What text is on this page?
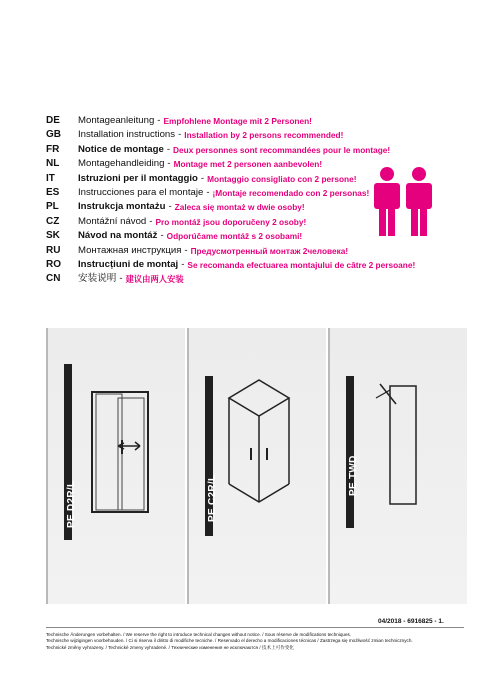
DE	Montageanleitung - Empfohlene Montage mit 2 Personen!
GB	Installation instructions - Installation by 2 persons recommended!
FR	Notice de montage - Deux personnes sont recommandées pour le montage!
NL	Montagehandleiding - Montage met 2 personen aanbevolen!
IT	Istruzioni per il montaggio - Montaggio consigliato con 2 persone!
ES	Instrucciones para el montaje - ¡Montaje recomendado con 2 personas!
PL	Instrukcja montażu - Zaleca się montaż w dwie osoby!
CZ	Montážní návod - Pro montáž jsou doporučeny 2 osoby!
SK	Návod na montáž - Odporúčame montáž s 2 osobami!
RU	Монтажная инструкция - Предусмотренный монтаж 2человека!
RO	Instrucțiuni de montaj - Se recomanda efectuarea montajului de câtre 2 persoane!
CN	安装说明 - 建议由两人安装
PE D2R/L	PE C2R/L	PE TWD
04/2018 - 6916825 - 1.
Technische Änderungen vorbehalten. / We reserve the right to introduce technical changes without notice. / Sous réserve de modifications techniques.
Technische wijzigingen voorbehouden. / Ci si riserva il diritto di modifiche tecniche. / Reservado el derecho a modificaciones técnicas / Zastrzega się możliwość zmian technicznych.
Technické změny vyhrazeny. / Technické zmeny vyhradené. / Технические изменения не исключаются / 技术上可作变化
